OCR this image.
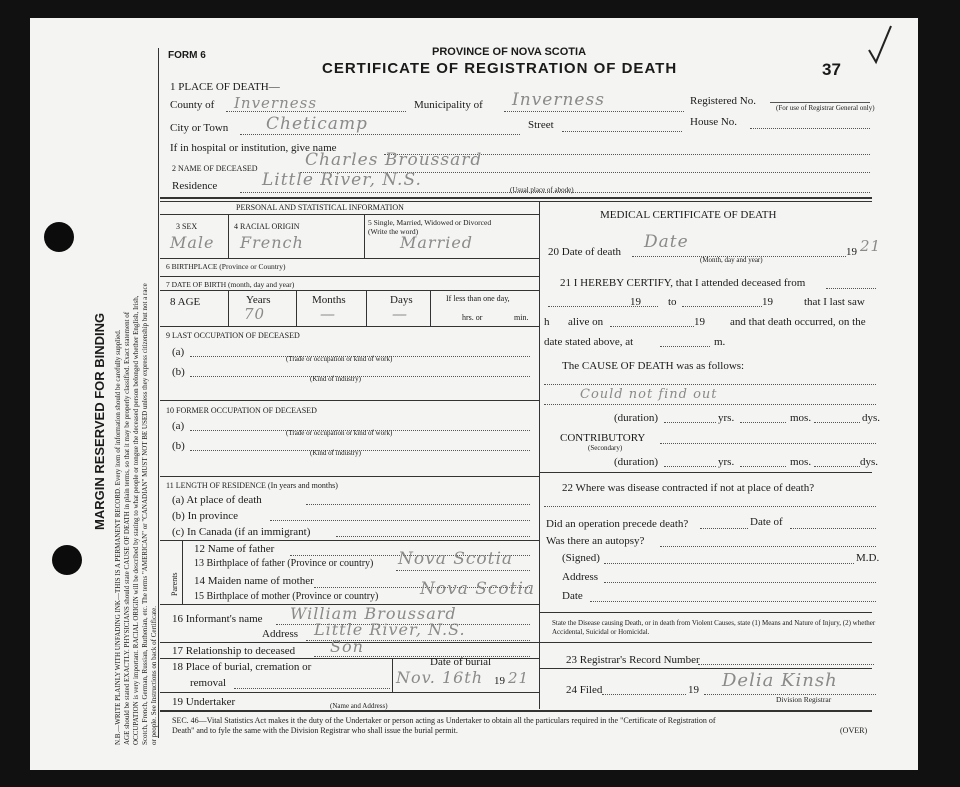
MARGIN RESERVED FOR BINDING N.B.—WRITE PLAINLY WITH UNFADING INK—THIS IS A PERMANENT RECORD. Every item of information should be carefully supplied. AGE should be stated EXACTLY. PHYSICIANS should state CAUSE OF DEATH in plain terms, so that it may be properly classified. Exact statement of OCCUPATION is very important. RACIAL ORIGIN will be described by stating to what people or tongue the deceased person belonged whether English, Irish, Scotch, French, German, Russian, Ruthenian, etc. The terms "AMERICAN" or "CANADIAN" MUST NOT BE USED unless they express citizenship but not a race or people. See Instructions on back of Certificate.
FORM 6	PROVINCE OF NOVA SCOTIA
CERTIFICATE OF REGISTRATION OF DEATH	37
1 PLACE OF DEATH—
County of Inverness	Municipality of Inverness	Registered No.
(For use of Registrar General only)
City or Town Cheticamp	Street	House No.
If in hospital or institution, give name
2 NAME OF DECEASED	Charles Broussard
Residence	Little River, N.S.	(Usual place of abode)
PERSONAL AND STATISTICAL INFORMATION
3 SEX
Male
4 RACIAL ORIGIN
French
5 Single, Married, Widowed or Divorced (Write the word)
Married
6 BIRTHPLACE (Province or Country)
7 DATE OF BIRTH (month, day and year)
8 AGE	Years
70
Months
—
Days
—
If less than one day,
hrs. or	min.
9 LAST OCCUPATION OF DECEASED
(a)
(Trade or occupation or kind of work)
(b)
(Kind of industry)
10 FORMER OCCUPATION OF DECEASED
(a)
(Trade or occupation or kind of work)
(b)
(Kind of industry)
11 LENGTH OF RESIDENCE (In years and months)
(a) At place of death
(b) In province
(c) In Canada (if an immigrant)
Parents
12 Name of father
13 Birthplace of father (Province or country) Nova Scotia
14 Maiden name of mother
15 Birthplace of mother (Province or country) Nova Scotia
16 Informant's name William Broussard
Address Little River, N.S.
17 Relationship to deceased Son
18 Place of burial, cremation or
removal
Date of burial
Nov. 16th 19 21
19 Undertaker	(Name and Address)
MEDICAL CERTIFICATE OF DEATH
20 Date of death Date	19 21
(Month, day and year)
21 I HEREBY CERTIFY, that I attended deceased from
19 to	19	that I last saw
h alive on	19 and that death occurred, on the
date stated above, at	m.
The CAUSE OF DEATH was as follows:
Could not find out
(duration)	yrs.	mos.	dys.
CONTRIBUTORY
(Secondary)
(duration)	yrs.	mos.	dys.
22 Where was disease contracted if not at place of death?
Did an operation precede death?	Date of
Was there an autopsy?
(Signed)	M.D.
Address
Date
State the Disease causing Death, or in death from Violent Causes, state (1) Means and Nature of Injury, (2) whether Accidental, Suicidal or Homicidal.
23 Registrar's Record Number
24 Filed	19 Delia Kinsh
Division Registrar
SEC. 46—Vital Statistics Act makes it the duty of the Undertaker or person acting as Undertaker to obtain all the particulars required in the "Certificate of Registration of
Death" and to fyle the same with the Division Registrar who shall issue the burial permit.	(OVER)
